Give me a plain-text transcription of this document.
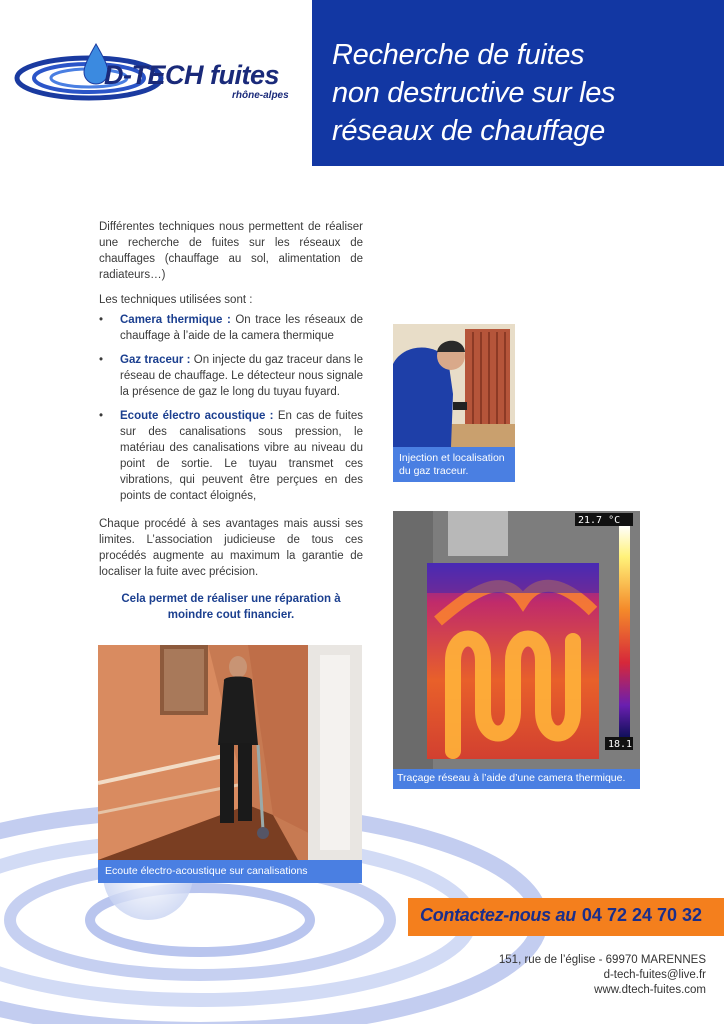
D-TECH fuites
rhône-alpes
Recherche de fuites
non destructive sur les
réseaux de chauffage
Différentes techniques nous permettent de réaliser une recherche de fuites sur les réseaux de chauffages (chauffage au sol, alimentation de radiateurs…)
Les techniques utilisées sont :
• Camera thermique : On trace les réseaux de chauffage à l’aide de la camera thermique
• Gaz traceur : On injecte du gaz traceur dans le réseau de chauffage. Le détecteur nous signale la présence de gaz le long du tuyau fuyard.
• Ecoute électro acoustique : En cas de fuites sur des canalisations sous pression, le matériau des canalisations vibre au niveau du point de sortie. Le tuyau transmet ces vibrations, qui peuvent être perçues en des points de contact éloignés,
Chaque procédé à ses avantages mais aussi ses limites. L’association judicieuse de tous ces procédés augmente au maximum la garantie de localiser la fuite avec précision.
Cela permet de réaliser une réparation à moindre cout financier.
Injection et localisation du gaz traceur.
21.7 °C
18.1
Traçage réseau à l’aide d’une camera thermique.
Ecoute électro-acoustique sur canalisations
Contactez-nous au 04 72 24 70 32
151, rue de l’église - 69970 MARENNES
d-tech-fuites@live.fr
www.dtech-fuites.com
